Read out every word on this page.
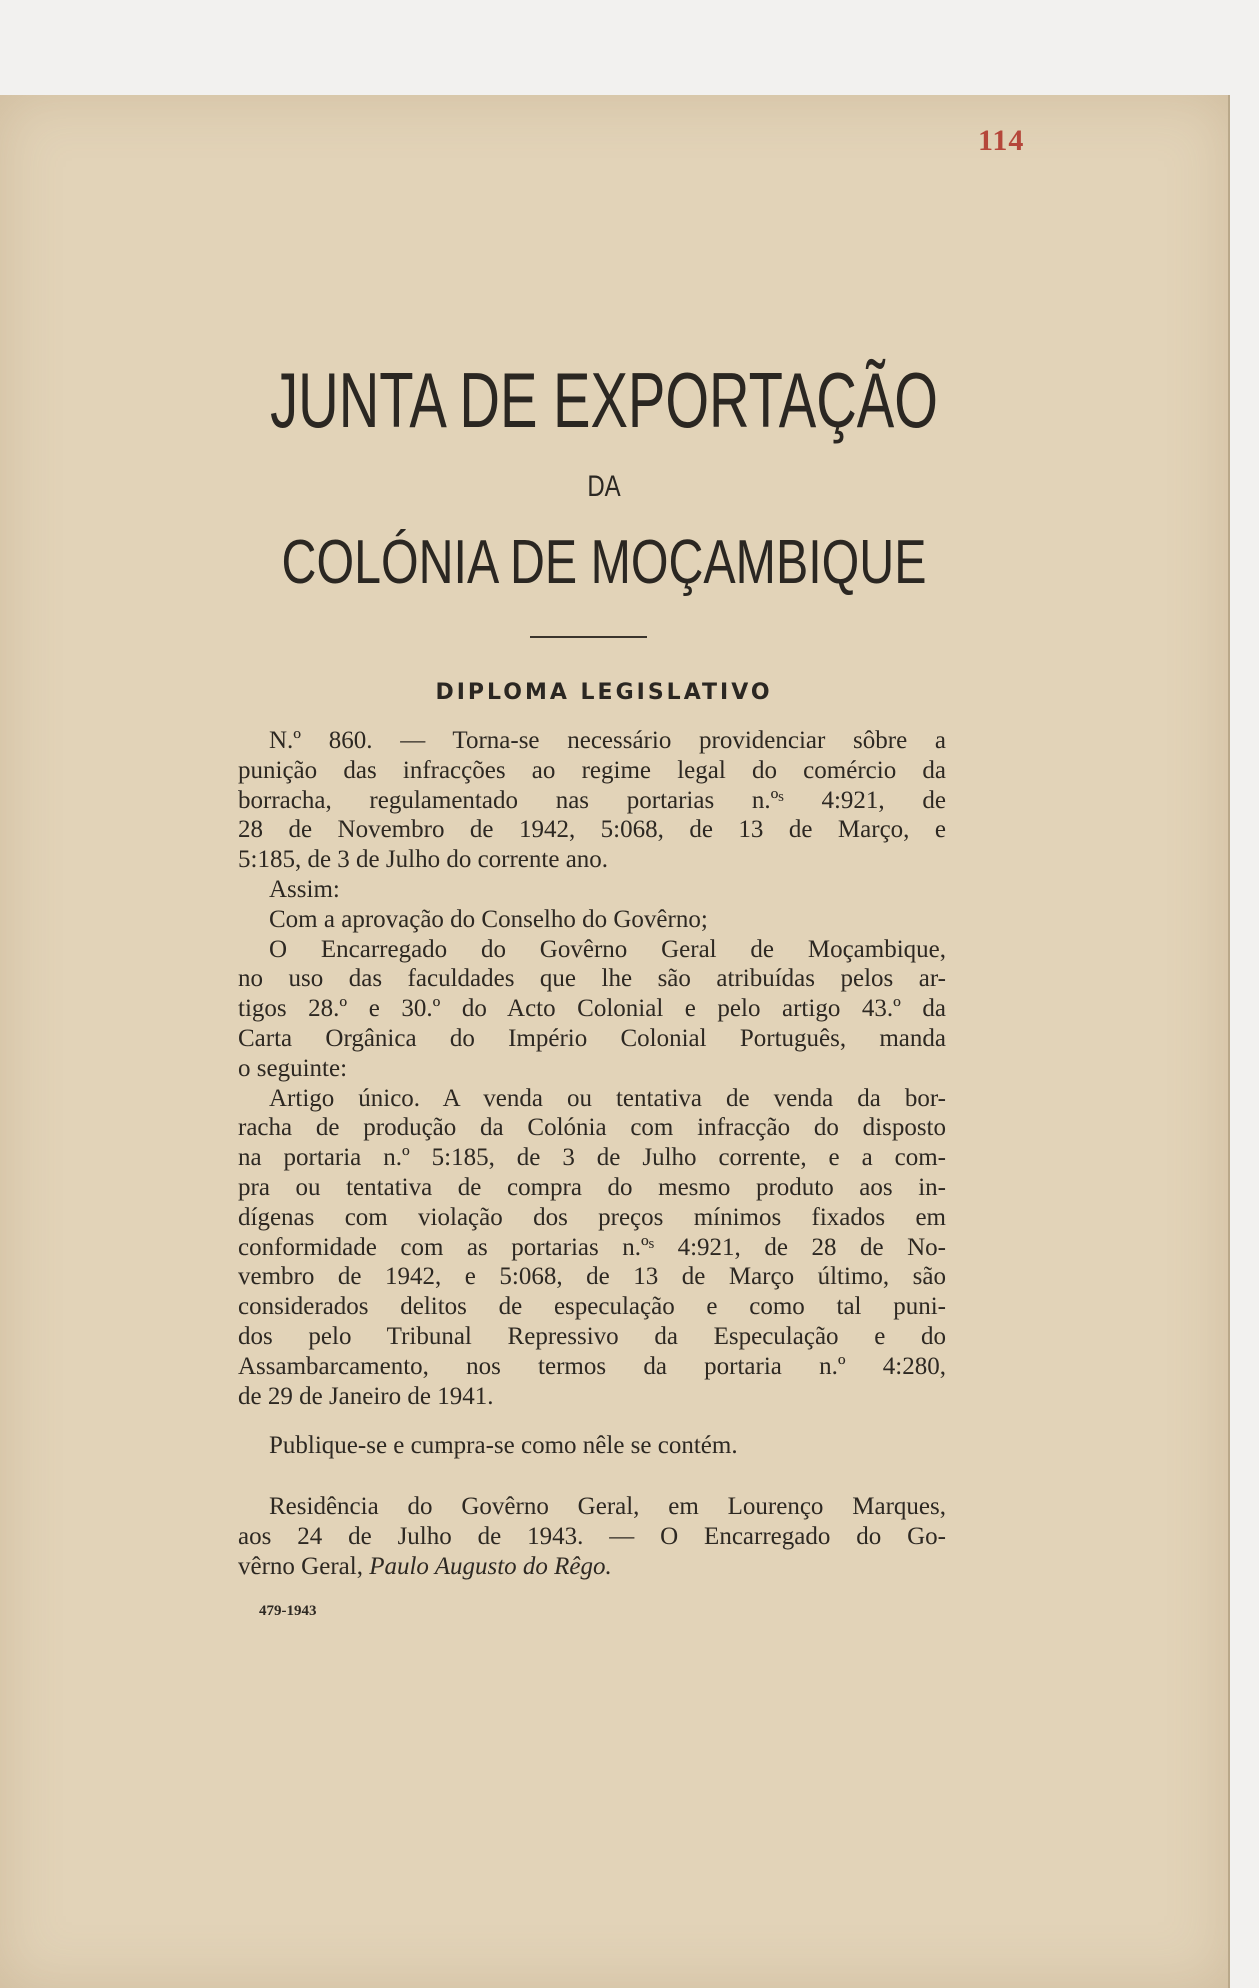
114
JUNTA DE EXPORTAÇÃO
DA
COLÓNIA DE MOÇAMBIQUE
DIPLOMA LEGISLATIVO
N.º 860. — Torna-se necessário providenciar sôbre a
punição das infracções ao regime legal do comércio da
borracha, regulamentado nas portarias n.ºˢ 4:921, de
28 de Novembro de 1942, 5:068, de 13 de Março, e
5:185, de 3 de Julho do corrente ano.
Assim:
Com a aprovação do Conselho do Govêrno;
O Encarregado do Govêrno Geral de Moçambique,
no uso das faculdades que lhe são atribuídas pelos ar-
tigos 28.º e 30.º do Acto Colonial e pelo artigo 43.º da
Carta Orgânica do Império Colonial Português, manda
o seguinte:
Artigo único. A venda ou tentativa de venda da bor-
racha de produção da Colónia com infracção do disposto
na portaria n.º 5:185, de 3 de Julho corrente, e a com-
pra ou tentativa de compra do mesmo produto aos in-
dígenas com violação dos preços mínimos fixados em
conformidade com as portarias n.ºˢ 4:921, de 28 de No-
vembro de 1942, e 5:068, de 13 de Março último, são
considerados delitos de especulação e como tal puni-
dos pelo Tribunal Repressivo da Especulação e do
Assambarcamento, nos termos da portaria n.º 4:280,
de 29 de Janeiro de 1941.
Publique-se e cumpra-se como nêle se contém.
Residência do Govêrno Geral, em Lourenço Marques,
aos 24 de Julho de 1943. — O Encarregado do Go-
vêrno Geral, Paulo Augusto do Rêgo.
479-1943
